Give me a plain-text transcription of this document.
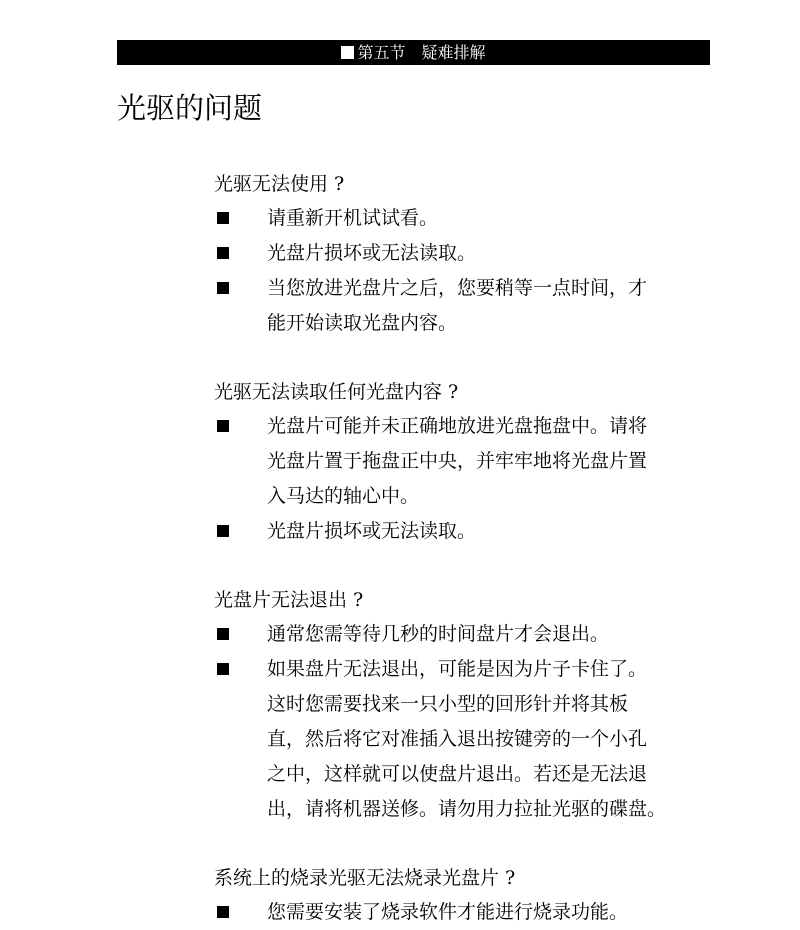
第五节　疑难排解
光驱的问题
光驱无法使用 ?
请重新开机试试看。
光盘片损坏或无法读取。
当您放进光盘片之后，您要稍等一点时间，才
能开始读取光盘内容。
光驱无法读取任何光盘内容 ?
光盘片可能并未正确地放进光盘拖盘中。请将
光盘片置于拖盘正中央，并牢牢地将光盘片置
入马达的轴心中。
光盘片损坏或无法读取。
光盘片无法退出 ?
通常您需等待几秒的时间盘片才会退出。
如果盘片无法退出，可能是因为片子卡住了。
这时您需要找来一只小型的回形针并将其板
直，然后将它对准插入退出按键旁的一个小孔
之中，这样就可以使盘片退出。若还是无法退
出，请将机器送修。请勿用力拉扯光驱的碟盘。
系统上的烧录光驱无法烧录光盘片 ?
您需要安装了烧录软件才能进行烧录功能。
